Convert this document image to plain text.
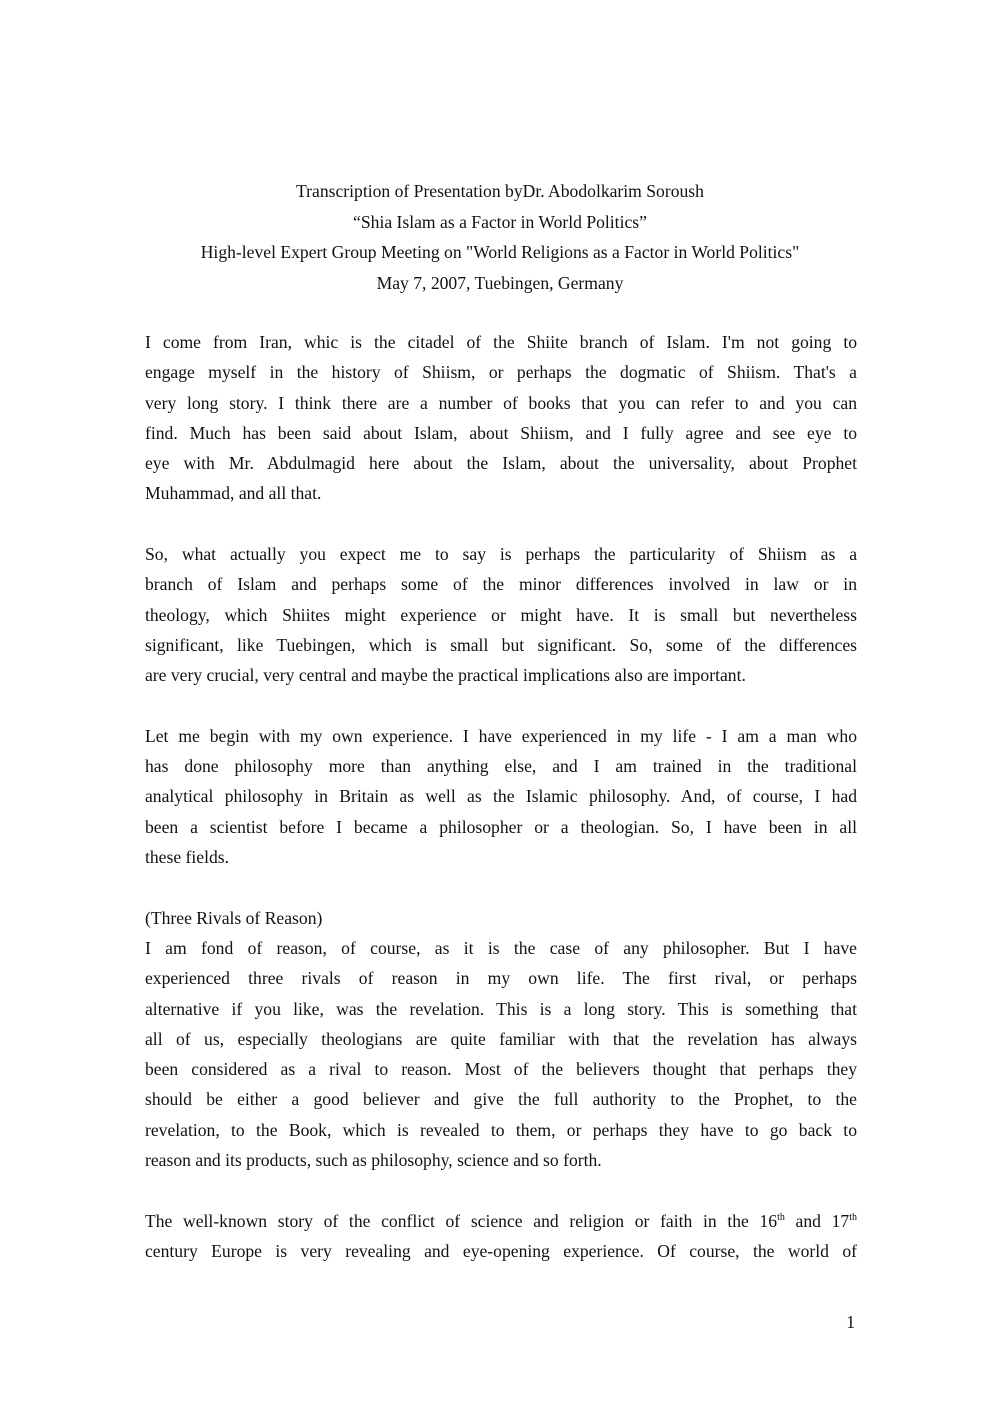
Transcription of Presentation byDr. Abodolkarim Soroush
“Shia Islam as a Factor in World Politics”
High-level Expert Group Meeting on "World Religions as a Factor in World Politics"
May 7, 2007, Tuebingen, Germany
I come from Iran, whic is the citadel of the Shiite branch of Islam. I'm not going to
engage myself in the history of Shiism, or perhaps the dogmatic of Shiism. That's a
very long story. I think there are a number of books that you can refer to and you can
find. Much has been said about Islam, about Shiism, and I fully agree and see eye to
eye with Mr. Abdulmagid here about the Islam, about the universality, about Prophet
Muhammad, and all that.
So, what actually you expect me to say is perhaps the particularity of Shiism as a
branch of Islam and perhaps some of the minor differences involved in law or in
theology, which Shiites might experience or might have. It is small but nevertheless
significant, like Tuebingen, which is small but significant. So, some of the differences
are very crucial, very central and maybe the practical implications also are important.
Let me begin with my own experience. I have experienced in my life - I am a man who
has done philosophy more than anything else, and I am trained in the traditional
analytical philosophy in Britain as well as the Islamic philosophy. And, of course, I had
been a scientist before I became a philosopher or a theologian. So, I have been in all
these fields.
(Three Rivals of Reason)
I am fond of reason, of course, as it is the case of any philosopher. But I have
experienced three rivals of reason in my own life. The first rival, or perhaps
alternative if you like, was the revelation. This is a long story. This is something that
all of us, especially theologians are quite familiar with that the revelation has always
been considered as a rival to reason. Most of the believers thought that perhaps they
should be either a good believer and give the full authority to the Prophet, to the
revelation, to the Book, which is revealed to them, or perhaps they have to go back to
reason and its products, such as philosophy, science and so forth.
The well-known story of the conflict of science and religion or faith in the 16th and 17th
century Europe is very revealing and eye-opening experience. Of course, the world of
1
